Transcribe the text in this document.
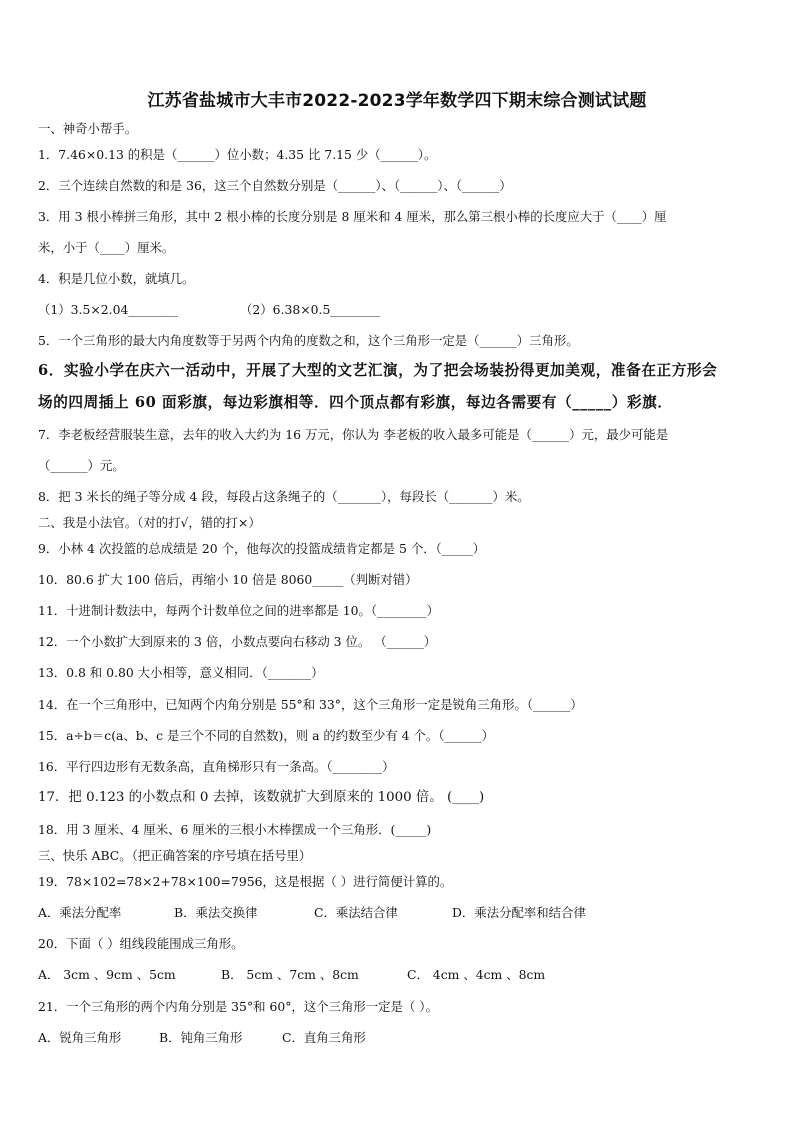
江苏省盐城市大丰市2022-2023学年数学四下期末综合测试试题
一、神奇小帮手。
1．7.46×0.13 的积是（______）位小数；4.35 比 7.15 少（______）。
2．三个连续自然数的和是 36，这三个自然数分别是（______）、（______）、（______）
3．用 3 根小棒拼三角形，其中 2 根小棒的长度分别是 8 厘米和 4 厘米，那么第三根小棒的长度应大于（____）厘
米，小于（____）厘米。
4．积是几位小数，就填几。
（1）3.5×2.04________	（2）6.38×0.5________
5．一个三角形的最大内角度数等于另两个内角的度数之和，这个三角形一定是（______）三角形。
6．实验小学在庆六一活动中，开展了大型的文艺汇演，为了把会场装扮得更加美观，准备在正方形会
场的四周插上 60 面彩旗，每边彩旗相等．四个顶点都有彩旗，每边各需要有（_____）彩旗．
7．李老板经营服装生意，去年的收入大约为 16 万元，你认为 李老板的收入最多可能是（______）元，最少可能是
（______）元。
8．把 3 米长的绳子等分成 4 段，每段占这条绳子的（_______），每段长（_______）米。
二、我是小法官。（对的打√，错的打×）
9．小林 4 次投篮的总成绩是 20 个，他每次的投篮成绩肯定都是 5 个．（_____）
10．80.6 扩大 100 倍后，再缩小 10 倍是 8060_____（判断对错）
11．十进制计数法中，每两个计数单位之间的进率都是 10。（________）
12．一个小数扩大到原来的 3 倍，小数点要向右移动 3 位。 （______）
13．0.8 和 0.80 大小相等，意义相同．（_______）
14．在一个三角形中，已知两个内角分别是 55°和 33°，这个三角形一定是锐角三角形。（______）
15．a÷b＝c(a、b、c 是三个不同的自然数)，则 a 的约数至少有 4 个。（______）
16．平行四边形有无数条高，直角梯形只有一条高。（________）
17．把 0.123 的小数点和 0 去掉，该数就扩大到原来的 1000 倍。 (____)
18．用 3 厘米、4 厘米、6 厘米的三根小木棒摆成一个三角形．(_____)
三、快乐 ABC。（把正确答案的序号填在括号里）
19．78×102=78×2+78×100=7956，这是根据（ ）进行简便计算的。
A．乘法分配率	B．乘法交换律	C．乘法结合律	D．乘法分配率和结合律
20．下面（ ）组线段能围成三角形。
A． 3cm 、9cm 、5cm	B． 5cm 、7cm 、8cm	C． 4cm 、4cm 、8cm
21．一个三角形的两个内角分别是 35°和 60°，这个三角形一定是（ ）。
A．锐角三角形	B．钝角三角形	C．直角三角形
